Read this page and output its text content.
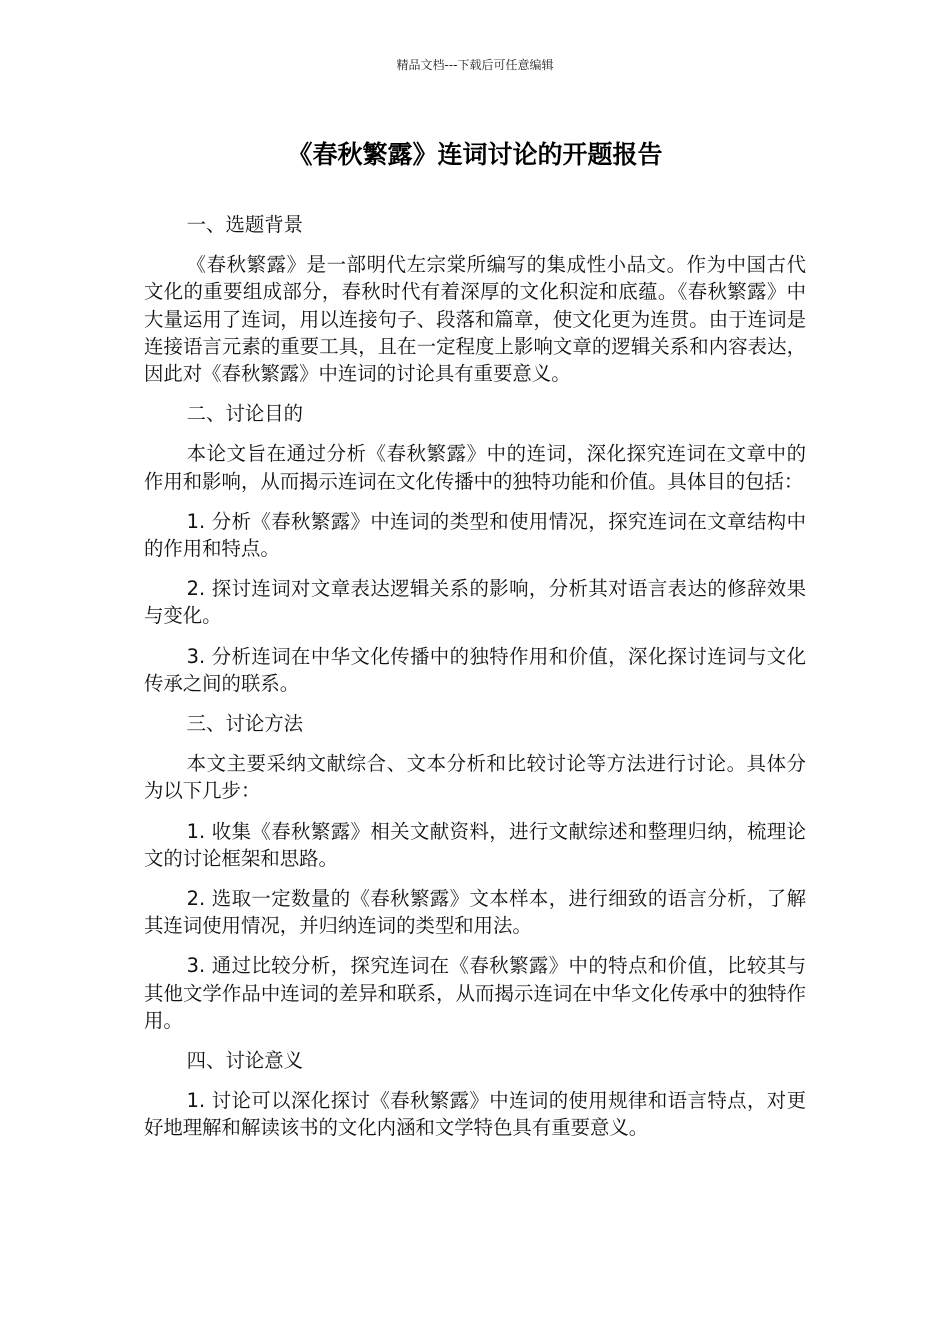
精品文档---下载后可任意编辑
《春秋繁露》连词讨论的开题报告

一、选题背景

《春秋繁露》是一部明代左宗棠所编写的集成性小品文。作为中国古代文化的重要组成部分，春秋时代有着深厚的文化积淀和底蕴。《春秋繁露》中大量运用了连词，用以连接句子、段落和篇章，使文化更为连贯。由于连词是连接语言元素的重要工具，且在一定程度上影响文章的逻辑关系和内容表达，因此对《春秋繁露》中连词的讨论具有重要意义。

二、讨论目的

本论文旨在通过分析《春秋繁露》中的连词，深化探究连词在文章中的作用和影响，从而揭示连词在文化传播中的独特功能和价值。具体目的包括：

1. 分析《春秋繁露》中连词的类型和使用情况，探究连词在文章结构中的作用和特点。

2. 探讨连词对文章表达逻辑关系的影响，分析其对语言表达的修辞效果与变化。

3. 分析连词在中华文化传播中的独特作用和价值，深化探讨连词与文化传承之间的联系。

三、讨论方法

本文主要采纳文献综合、文本分析和比较讨论等方法进行讨论。具体分为以下几步：

1. 收集《春秋繁露》相关文献资料，进行文献综述和整理归纳，梳理论文的讨论框架和思路。

2. 选取一定数量的《春秋繁露》文本样本，进行细致的语言分析，了解其连词使用情况，并归纳连词的类型和用法。

3. 通过比较分析，探究连词在《春秋繁露》中的特点和价值，比较其与其他文学作品中连词的差异和联系，从而揭示连词在中华文化传承中的独特作用。

四、讨论意义

1. 讨论可以深化探讨《春秋繁露》中连词的使用规律和语言特点，对更好地理解和解读该书的文化内涵和文学特色具有重要意义。
